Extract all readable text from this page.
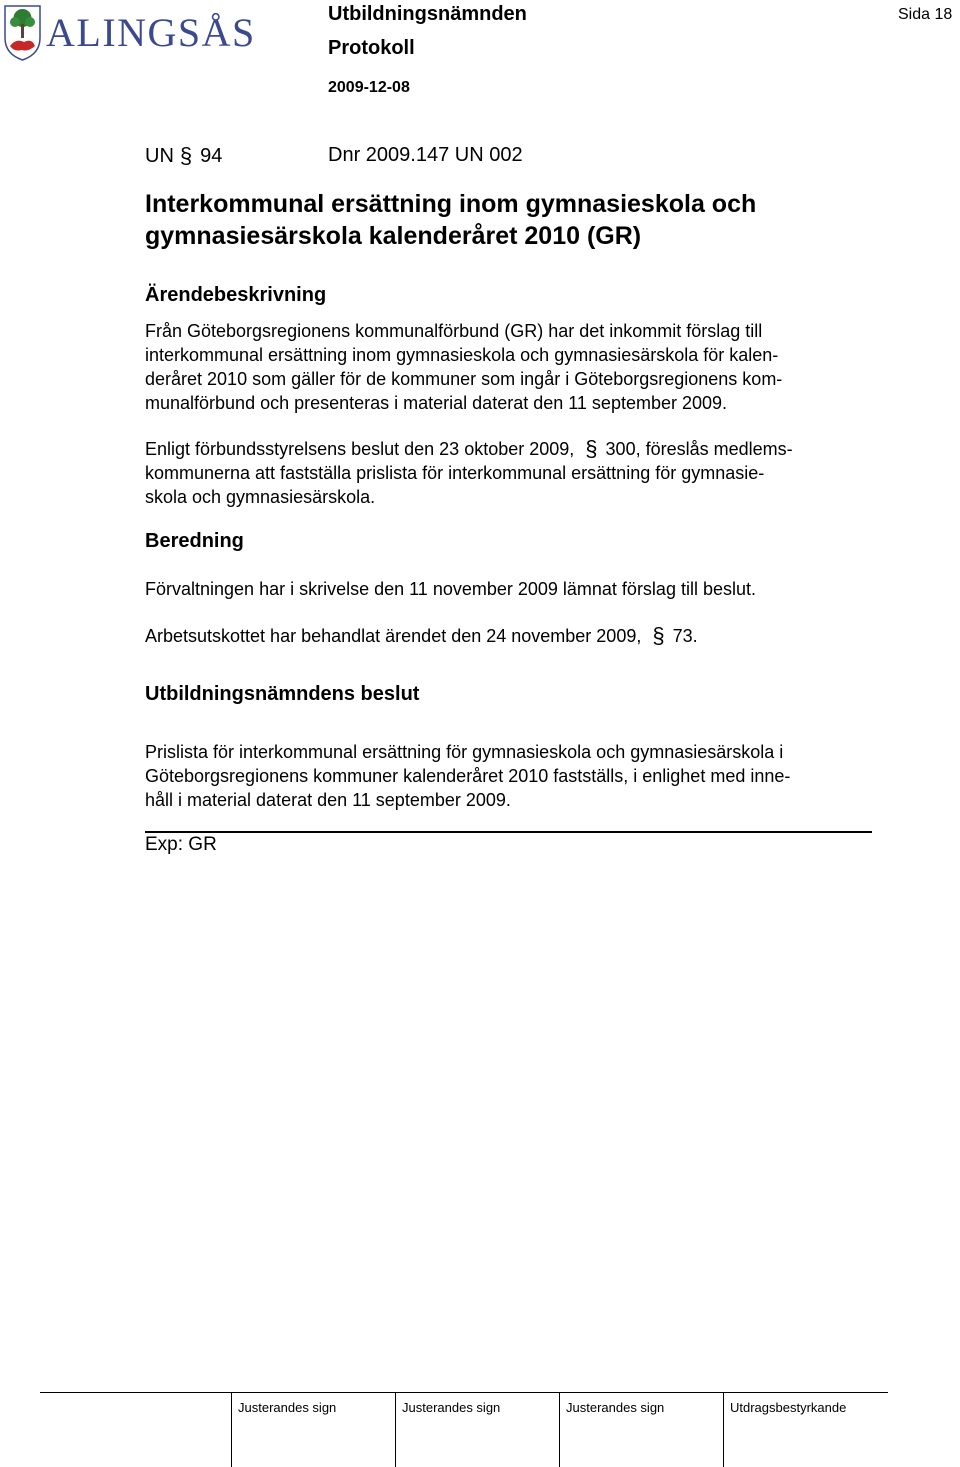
ALINGSÅS	Utbildningsnämnden
Protokoll
2009-12-08
Sida 18
UN § 94	Dnr 2009.147 UN 002
Interkommunal ersättning inom gymnasieskola och
gymnasiesärskola kalenderåret 2010 (GR)
Ärendebeskrivning
Från Göteborgsregionens kommunalförbund (GR) har det inkommit förslag till
interkommunal ersättning inom gymnasieskola och gymnasiesärskola för kalen-
deråret 2010 som gäller för de kommuner som ingår i Göteborgsregionens kom-
munalförbund och presenteras i material daterat den 11 september 2009.
Enligt förbundsstyrelsens beslut den 23 oktober 2009, § 300, föreslås medlems-
kommunerna att fastställa prislista för interkommunal ersättning för gymnasie-
skola och gymnasiesärskola.
Beredning
Förvaltningen har i skrivelse den 11 november 2009 lämnat förslag till beslut.
Arbetsutskottet har behandlat ärendet den 24 november 2009, § 73.
Utbildningsnämndens beslut
Prislista för interkommunal ersättning för gymnasieskola och gymnasiesärskola i
Göteborgsregionens kommuner kalenderåret 2010 fastställs, i enlighet med inne-
håll i material daterat den 11 september 2009.
Exp: GR
Justerandes sign	Justerandes sign	Justerandes sign	Utdragsbestyrkande
